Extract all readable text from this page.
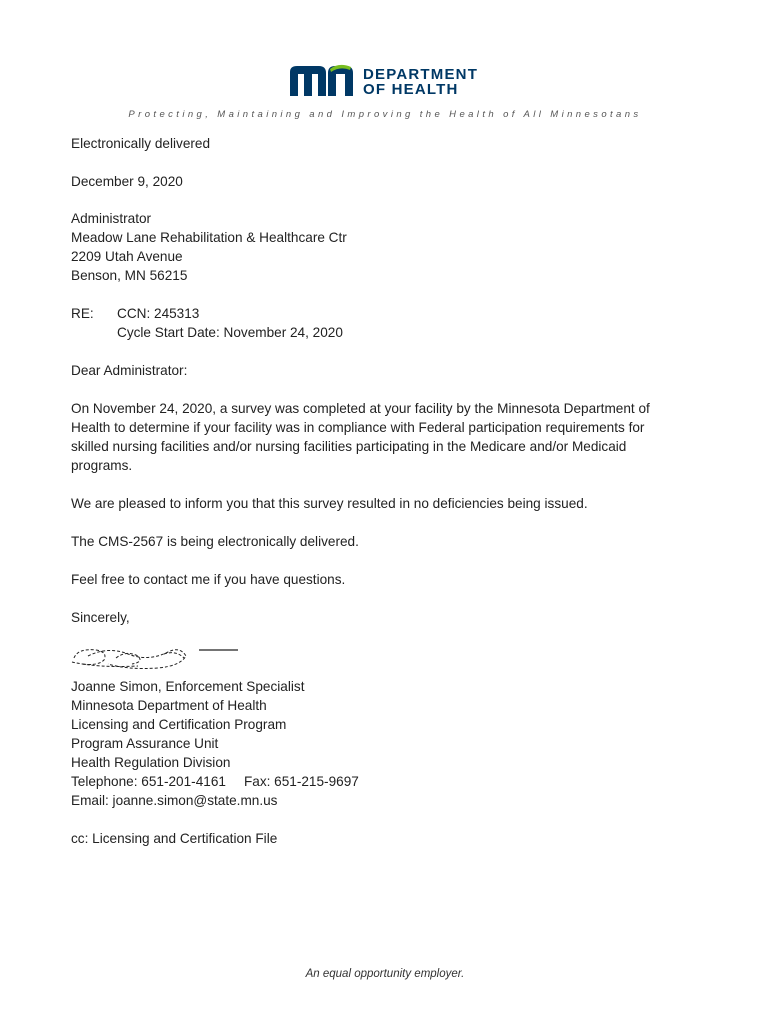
DEPARTMENT
OF HEALTH
Protecting, Maintaining and Improving the Health of All Minnesotans
Electronically delivered
December 9, 2020
Administrator
Meadow Lane Rehabilitation & Healthcare Ctr
2209 Utah Avenue
Benson, MN 56215
RE: CCN: 245313
Cycle Start Date: November 24, 2020
Dear Administrator:
On November 24, 2020, a survey was completed at your facility by the Minnesota Department of Health to determine if your facility was in compliance with Federal participation requirements for skilled nursing facilities and/or nursing facilities participating in the Medicare and/or Medicaid programs.
We are pleased to inform you that this survey resulted in no deficiencies being issued.
The CMS-2567 is being electronically delivered.
Feel free to contact me if you have questions.
Sincerely,
Joanne Simon, Enforcement Specialist
Minnesota Department of Health
Licensing and Certification Program
Program Assurance Unit
Health Regulation Division
Telephone: 651-201-4161 Fax: 651-215-9697
Email: joanne.simon@state.mn.us
cc: Licensing and Certification File
An equal opportunity employer.
